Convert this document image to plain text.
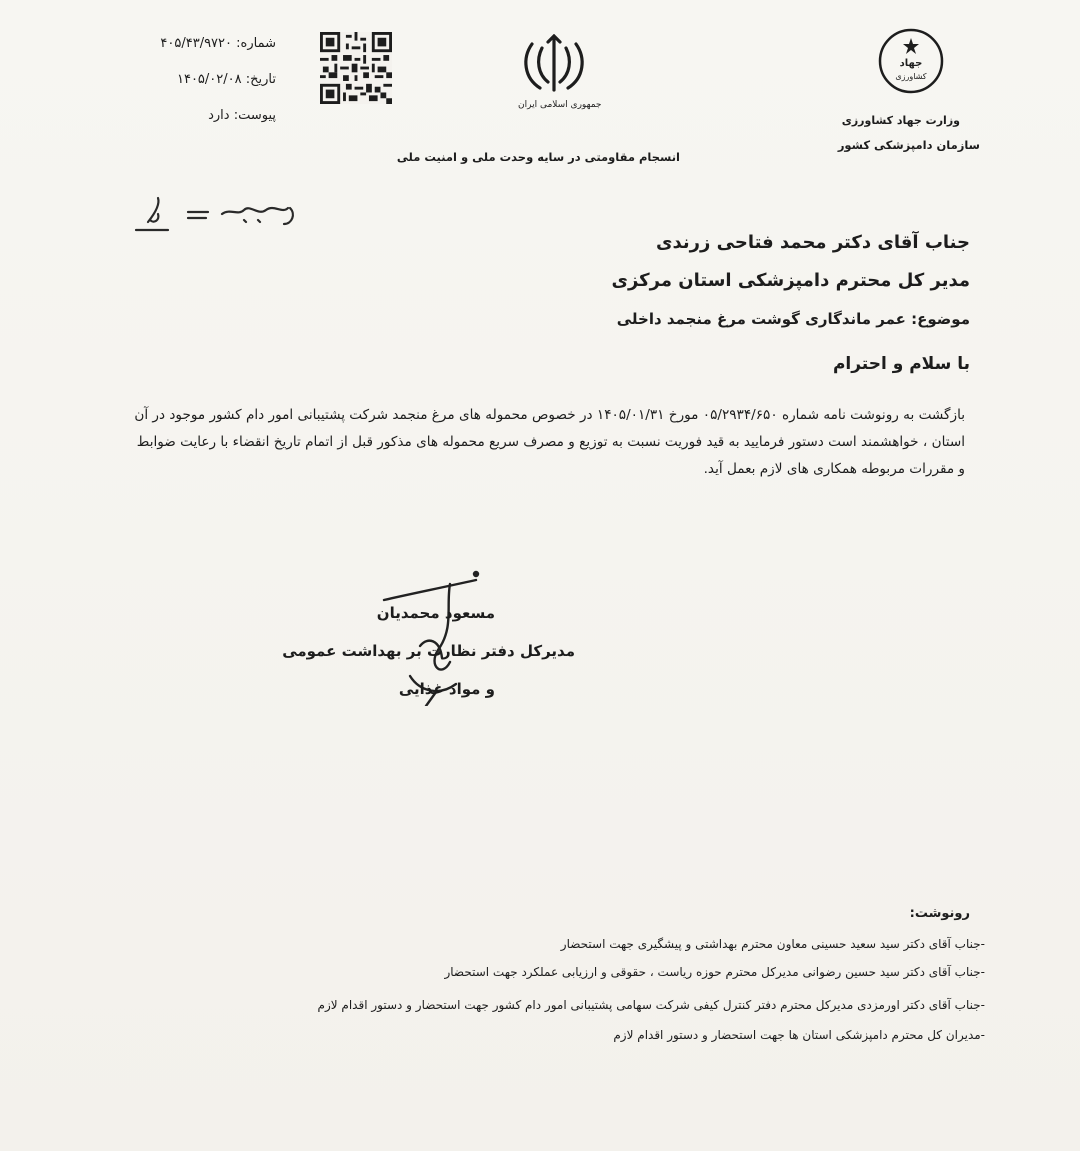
شماره: ۴۰۵/۴۳/۹۷۲۰
تاریخ: ۱۴۰۵/۰۲/۰۸
پیوست: دارد
جمهوری اسلامی ایران
انسجام مقاومتی در سایه وحدت ملی و امنیت ملی
جهاد
کشاورزی
وزارت جهاد کشاورزی
سازمان دامپزشکی کشور
جناب آقای دکتر محمد فتاحی زرندی
مدیر کل محترم دامپزشکی استان مرکزی
موضوع: عمر ماندگاری گوشت مرغ منجمد داخلی
با سلام و احترام
بازگشت به رونوشت نامه شماره ۰۵/۲۹۳۴/۶۵۰ مورخ ۱۴۰۵/۰۱/۳۱ در خصوص محموله های مرغ منجمد شرکت پشتیبانی امور دام کشور موجود در آن استان ، خواهشمند است دستور فرمایید به قید فوریت نسبت به توزیع و مصرف سریع محموله های مذکور قبل از اتمام تاریخ انقضاء با رعایت ضوابط و مقررات مربوطه همکاری های لازم بعمل آید.
مسعود محمدیان
مدیرکل دفتر نظارت بر بهداشت عمومی
و مواد غذایی
رونوشت:
-جناب آقای دکتر سید سعید حسینی معاون محترم بهداشتی و پیشگیری جهت استحضار
-جناب آقای دکتر سید حسین رضوانی مدیرکل محترم حوزه ریاست ، حقوقی و ارزیابی عملکرد جهت استحضار
-جناب آقای دکتر اورمزدی مدیرکل محترم دفتر کنترل کیفی شرکت سهامی پشتیبانی امور دام کشور جهت استحضار و دستور اقدام لازم
-مدیران کل محترم دامپزشکی استان ها جهت استحضار و دستور اقدام لازم
